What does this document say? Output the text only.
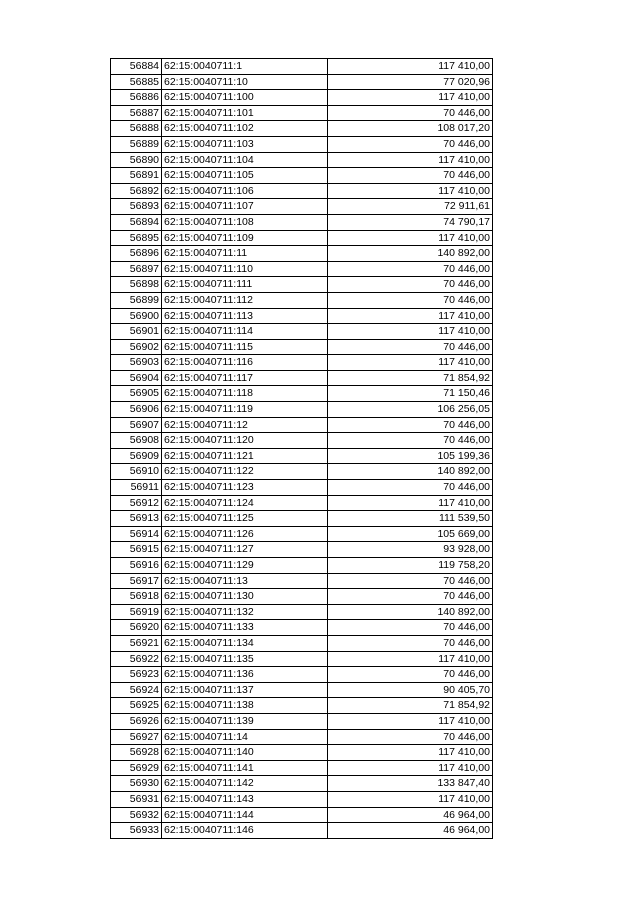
56884	62:15:0040711:1	117 410,00
56885	62:15:0040711:10	77 020,96
56886	62:15:0040711:100	117 410,00
56887	62:15:0040711:101	70 446,00
56888	62:15:0040711:102	108 017,20
56889	62:15:0040711:103	70 446,00
56890	62:15:0040711:104	117 410,00
56891	62:15:0040711:105	70 446,00
56892	62:15:0040711:106	117 410,00
56893	62:15:0040711:107	72 911,61
56894	62:15:0040711:108	74 790,17
56895	62:15:0040711:109	117 410,00
56896	62:15:0040711:11	140 892,00
56897	62:15:0040711:110	70 446,00
56898	62:15:0040711:111	70 446,00
56899	62:15:0040711:112	70 446,00
56900	62:15:0040711:113	117 410,00
56901	62:15:0040711:114	117 410,00
56902	62:15:0040711:115	70 446,00
56903	62:15:0040711:116	117 410,00
56904	62:15:0040711:117	71 854,92
56905	62:15:0040711:118	71 150,46
56906	62:15:0040711:119	106 256,05
56907	62:15:0040711:12	70 446,00
56908	62:15:0040711:120	70 446,00
56909	62:15:0040711:121	105 199,36
56910	62:15:0040711:122	140 892,00
56911	62:15:0040711:123	70 446,00
56912	62:15:0040711:124	117 410,00
56913	62:15:0040711:125	111 539,50
56914	62:15:0040711:126	105 669,00
56915	62:15:0040711:127	93 928,00
56916	62:15:0040711:129	119 758,20
56917	62:15:0040711:13	70 446,00
56918	62:15:0040711:130	70 446,00
56919	62:15:0040711:132	140 892,00
56920	62:15:0040711:133	70 446,00
56921	62:15:0040711:134	70 446,00
56922	62:15:0040711:135	117 410,00
56923	62:15:0040711:136	70 446,00
56924	62:15:0040711:137	90 405,70
56925	62:15:0040711:138	71 854,92
56926	62:15:0040711:139	117 410,00
56927	62:15:0040711:14	70 446,00
56928	62:15:0040711:140	117 410,00
56929	62:15:0040711:141	117 410,00
56930	62:15:0040711:142	133 847,40
56931	62:15:0040711:143	117 410,00
56932	62:15:0040711:144	46 964,00
56933	62:15:0040711:146	46 964,00
